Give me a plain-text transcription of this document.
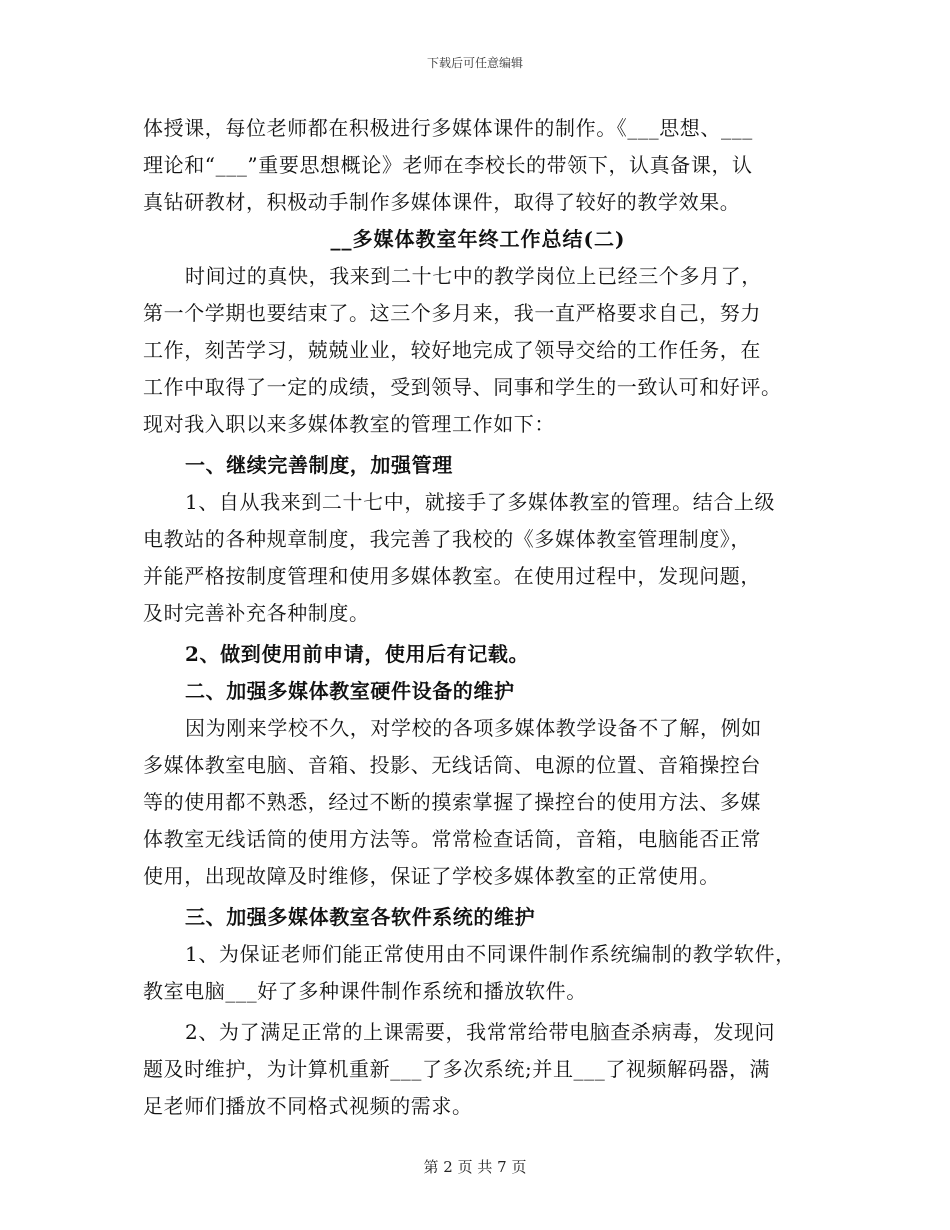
下载后可任意编辑
体授课，每位老师都在积极进行多媒体课件的制作。《___思想、___
理论和“___”重要思想概论》老师在李校长的带领下，认真备课，认
真钻研教材，积极动手制作多媒体课件，取得了较好的教学效果。
__多媒体教室年终工作总结(二)
时间过的真快，我来到二十七中的教学岗位上已经三个多月了，
第一个学期也要结束了。这三个多月来，我一直严格要求自己，努力
工作，刻苦学习，兢兢业业，较好地完成了领导交给的工作任务，在
工作中取得了一定的成绩，受到领导、同事和学生的一致认可和好评。
现对我入职以来多媒体教室的管理工作如下：
一、继续完善制度，加强管理
1、自从我来到二十七中，就接手了多媒体教室的管理。结合上级
电教站的各种规章制度，我完善了我校的《多媒体教室管理制度》，
并能严格按制度管理和使用多媒体教室。在使用过程中，发现问题，
及时完善补充各种制度。
2、做到使用前申请，使用后有记载。
二、加强多媒体教室硬件设备的维护
因为刚来学校不久，对学校的各项多媒体教学设备不了解，例如
多媒体教室电脑、音箱、投影、无线话筒、电源的位置、音箱操控台
等的使用都不熟悉，经过不断的摸索掌握了操控台的使用方法、多媒
体教室无线话筒的使用方法等。常常检查话筒，音箱，电脑能否正常
使用，出现故障及时维修，保证了学校多媒体教室的正常使用。
三、加强多媒体教室各软件系统的维护
1、为保证老师们能正常使用由不同课件制作系统编制的教学软件，
教室电脑___好了多种课件制作系统和播放软件。
2、为了满足正常的上课需要，我常常给带电脑查杀病毒，发现问
题及时维护，为计算机重新___了多次系统;并且___了视频解码器，满
足老师们播放不同格式视频的需求。
第 2 页 共 7 页
